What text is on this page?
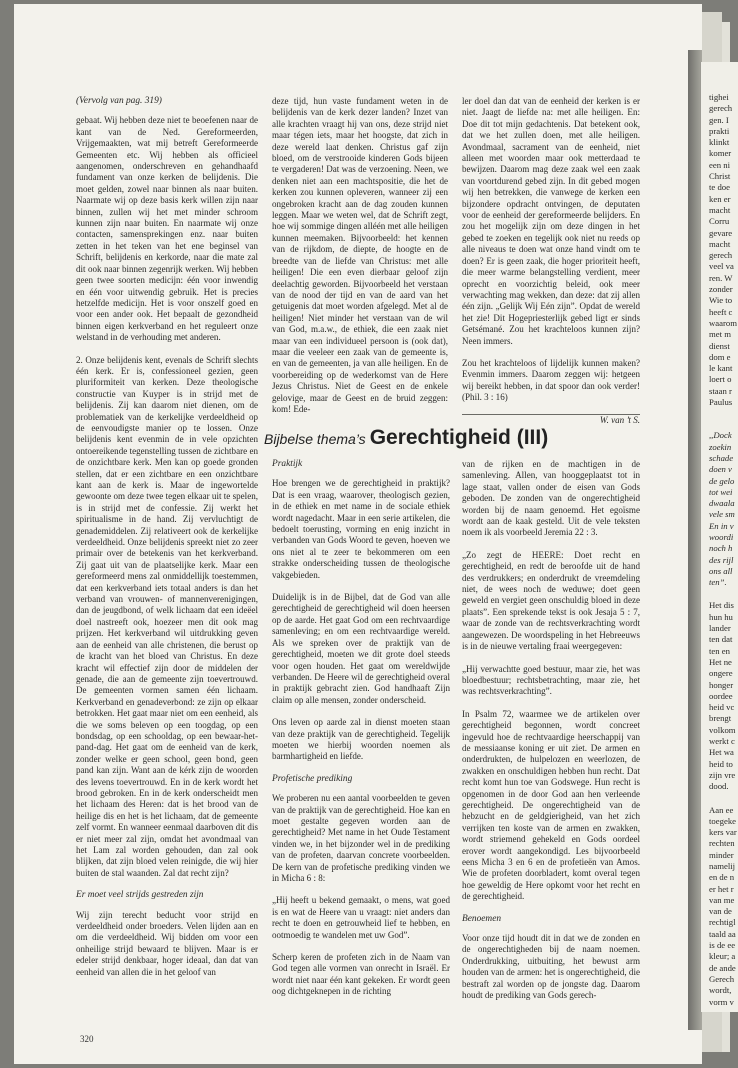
(Vervolg van pag. 319)

gebaat. Wij hebben deze niet te beoefenen naar de kant van de Ned. Gereformeerden, Vrijgemaakten, wat mij betreft Gereformeerde Gemeenten etc. Wij hebben als officieel aangenomen, onderschreven en gehandhaafd fundament van onze kerken de belijdenis. Die moet gelden, zowel naar binnen als naar buiten. Naarmate wij op deze basis kerk willen zijn naar binnen, zullen wij het met minder schroom kunnen zijn naar buiten. En naarmate wij onze contacten, samensprekingen enz. naar buiten zetten in het teken van het ene beginsel van Schrift, belijdenis en kerkorde, naar die mate zal dit ook naar binnen zegenrijk werken. Wij hebben geen twee soorten medicijn: één voor inwendig en één voor uitwendig gebruik. Het is precies hetzelfde medicijn. Het is voor onszelf goed en voor een ander ook. Het bepaalt de gezondheid binnen eigen kerkverband en het reguleert onze welstand in de verhouding met anderen.

2. Onze belijdenis kent, evenals de Schrift slechts één kerk. Er is, confessioneel gezien, geen pluriformiteit van kerken. Deze theologische constructie van Kuyper is in strijd met de belijdenis. Zij kan daarom niet dienen, om de problematiek van de kerkelijke verdeeldheid op de eenvoudigste manier op te lossen. Onze belijdenis kent evenmin de in vele opzichten ontoereikende tegenstelling tussen de zichtbare en de onzichtbare kerk. Men kan op goede gronden stellen, dat er een zichtbare en een onzichtbare kant aan de kerk is. Maar de ingewortelde gewoonte om deze twee tegen elkaar uit te spelen, is in strijd met de confessie. Zij werkt het spiritualisme in de hand. Zij vervluchtigt de genademiddelen. Zij relativeert ook de kerkelijke verdeeldheid. Onze belijdenis spreekt niet zo zeer primair over de betekenis van het kerkverband. Zij gaat uit van de plaatselijke kerk. Maar een gereformeerd mens zal onmiddellijk toestemmen, dat een kerkverband iets totaal anders is dan het verband van vrouwen- of mannenverenigingen, dan de jeugdbond, of welk lichaam dat een ideëel doel nastreeft ook, hoezeer men dit ook mag prijzen. Het kerkverband wil uitdrukking geven aan de eenheid van alle christenen, die berust op de kracht van het bloed van Christus. En deze kracht wil effectief zijn door de middelen der genade, die aan de gemeente zijn toevertrouwd. De gemeenten vormen samen één lichaam. Kerkverband en genadeverbond: ze zijn op elkaar betrokken. Het gaat maar niet om een eenheid, als die we soms beleven op een toogdag, op een bondsdag, op een schooldag, op een bewaar-het-pand-dag. Het gaat om de eenheid van de kerk, zonder welke er geen school, geen bond, geen pand kan zijn. Want aan de kérk zijn de woorden des levens toevertrouwd. En in de kerk wordt het brood gebroken. En in de kerk onderscheidt men het lichaam des Heren: dat is het brood van de heilige dis en het is het lichaam, dat de gemeente zelf vormt. En wanneer eenmaal daarboven dit dis er niet meer zal zijn, omdat het avondmaal van het Lam zal worden gehouden, dan zal ook blijken, dat zijn bloed velen reinigde, die wij hier buiten de stal waanden. Zal dat recht zijn?

Er moet veel strijds gestreden zijn

Wij zijn terecht beducht voor strijd en verdeeldheid onder broeders. Velen lijden aan en om die verdeeldheid. Wij bidden om voor een onheilige strijd bewaard te blijven. Maar is er edeler strijd denkbaar, hoger ideaal, dan dat van eenheid van allen die in het geloof van

deze tijd, hun vaste fundament weten in de belijdenis van de kerk dezer landen? Inzet van alle krachten vraagt hij van ons, deze strijd niet maar tégen iets, maar het hoogste, dat zich in deze wereld laat denken. Christus gaf zijn bloed, om de verstrooide kinderen Gods bijeen te vergaderen! Dat was de verzoening. Neen, we denken niet aan een machtspositie, die het de kerken zou kunnen opleveren, wanneer zij een ongebroken kracht aan de dag zouden kunnen leggen. Maar we weten wel, dat de Schrift zegt, hoe wij sommige dingen alléén met alle heiligen kunnen meemaken. Bijvoorbeeld: het kennen van de rijkdom, de diepte, de hoogte en de breedte van de liefde van Christus: met alle heiligen! Die een even dierbaar geloof zijn deelachtig geworden. Bijvoorbeeld het verstaan van de nood der tijd en van de aard van het getuigenis dat moet worden afgelegd. Met al de heiligen! Niet minder het verstaan van de wil van God, m.a.w., de ethiek, die een zaak niet maar van een individueel persoon is (ook dat), maar die veeleer een zaak van de gemeente is, en van de gemeenten, ja van alle heiligen. En de voorbereiding op de wederkomst van de Here Jezus Christus. Niet de Geest en de enkele gelovige, maar de Geest en de bruid zeggen: kom! Ede-

ler doel dan dat van de eenheid der kerken is er niet. Jaagt de liefde na: met alle heiligen. En: Doe dit tot mijn gedachtenis. Dat betekent ook, dat we het zullen doen, met alle heiligen. Avondmaal, sacrament van de eenheid, niet alleen met woorden maar ook metterdaad te bewijzen. Daarom mag deze zaak wel een zaak van voortdurend gebed zijn. In dit gebed mogen wij hen betrekken, die vanwege de kerken een bijzondere opdracht ontvingen, de deputaten voor de eenheid der gereformeerde belijders. En zou het mogelijk zijn om deze dingen in het gebed te zoeken en tegelijk ook niet nu reeds op alle niveaus te doen wat onze hand vindt om te doen? Er is geen zaak, die hoger prioriteit heeft, die meer warme belangstelling verdient, meer oprecht en voorzichtig beleid, ook meer verwachting mag wekken, dan deze: dat zij allen één zijn. „Gelijk Wij Eén zijn”. Opdat de wereld het zie! Dit Hogepriesterlijk gebed ligt er sinds Getsémané. Zou het krachteloos kunnen zijn? Neen immers.

Zou het krachteloos of lijdelijk kunnen maken? Evenmin immers. Daarom zeggen wij: hetgeen wij bereikt hebben, in dat spoor dan ook verder! (Phil. 3 : 16)

W. van ’t S.
Bijbelse thema’s Gerechtigheid (III)
Praktijk

Hoe brengen we de gerechtigheid in praktijk? Dat is een vraag, waarover, theologisch gezien, in de ethiek en met name in de sociale ethiek wordt nagedacht. Maar in een serie artikelen, die bedoelt toerusting, vorming en enig inzicht in verbanden van Gods Woord te geven, hoeven we ons niet al te zeer te bekommeren om een strakke onderscheiding tussen de theologische vakgebieden.

Duidelijk is in de Bijbel, dat de God van alle gerechtigheid de gerechtigheid wil doen heersen op de aarde. Het gaat God om een rechtvaardige samenleving; en om een rechtvaardige wereld. Als we spreken over de praktijk van de gerechtigheid, moeten we dit grote doel steeds voor ogen houden. Het gaat om wereldwijde verbanden. De Heere wil de gerechtigheid overal in praktijk gebracht zien. God handhaaft Zijn claim op alle mensen, zonder onderscheid.

Ons leven op aarde zal in dienst moeten staan van deze praktijk van de gerechtigheid. Tegelijk moeten we hierbij woorden noemen als barmhartigheid en liefde.

Profetische prediking

We proberen nu een aantal voorbeelden te geven van de praktijk van de gerechtigheid. Hoe kan en moet gestalte gegeven worden aan de gerechtigheid? Met name in het Oude Testament vinden we, in het bijzonder wel in de prediking van de profeten, daarvan concrete voorbeelden. De kern van de profetische prediking vinden we in Micha 6 : 8:

„Hij heeft u bekend gemaakt, o mens, wat goed is en wat de Heere van u vraagt: niet anders dan recht te doen en getrouwheid lief te hebben, en ootmoedig te wandelen met uw God”.

Scherp keren de profeten zich in de Naam van God tegen alle vormen van onrecht in Israël. Er wordt niet naar één kant gekeken. Er wordt geen oog dichtgeknepen in de richting

van de rijken en de machtigen in de samenleving. Allen, van hooggeplaatst tot in lage staat, vallen onder de eisen van Gods geboden. De zonden van de ongerechtigheid worden bij de naam genoemd. Het egoïsme wordt aan de kaak gesteld. Uit de vele teksten noem ik als voorbeeld Jeremia 22 : 3.

„Zo zegt de HEERE: Doet recht en gerechtigheid, en redt de beroofde uit de hand des verdrukkers; en onderdrukt de vreemdeling niet, de wees noch de weduwe; doet geen geweld en vergiet geen onschuldig bloed in deze plaats”. Een sprekende tekst is ook Jesaja 5 : 7, waar de zonde van de rechtsverkrachting wordt aangewezen. De woordspeling in het Hebreeuws is in de nieuwe vertaling fraai weergegeven:

„Hij verwachtte goed bestuur, maar zie, het was bloedbestuur; rechtsbetrachting, maar zie, het was rechtsverkrachting”.

In Psalm 72, waarmee we de artikelen over gerechtigheid begonnen, wordt concreet ingevuld hoe de rechtvaardige heerschappij van de messiaanse koning er uit ziet. De armen en onderdrukten, de hulpelozen en weerlozen, de zwakken en onschuldigen hebben hun recht. Dat recht komt hun toe van Godswege. Hun recht is opgenomen in de door God aan hen verleende gerechtigheid. De ongerechtigheid van de hebzucht en de geldgierigheid, van het zich verrijken ten koste van de armen en zwakken, wordt striemend gehekeld en Gods oordeel erover wordt aangekondigd. Les bijvoorbeeld eens Micha 3 en 6 en de profetieën van Amos. Wie de profeten doorbladert, komt overal tegen hoe geweldig de Here opkomt voor het recht en de gerechtigheid.

Benoemen

Voor onze tijd houdt dit in dat we de zonden en de ongerechtigheden bij de naam noemen. Onderdrukking, uitbuiting, het bewust arm houden van de armen: het is ongerechtigheid, die bestraft zal worden op de jongste dag. Daarom houdt de prediking van Gods gerech-

320
tighei
gerech
gen. I
prakti
klinkt
komer
een ni
Christ
te doe
ken er
macht
Corru
gevare
macht
gerech
veel va
ren. W
zonder
Wie to
heeft c
waarom
met m
dienst
dom e
le kant
loert o
staan r
Paulus
,,Dock
zoekin
schade
doen v
de gelo
tot wei
dwaala
vele sm
En in v
woordi
noch h
des rijl
ons all
ten”.
Het dis
hun hu
lander
ten dat
ten en
Het ne
ongere
honger
oordee
heid vc
brengt
volkom
werkt c
Het wa
heid to
zijn vre
dood.
Aan ee
toegeke
kers var
rechten
minder
namelij
en de n
er het r
van me
van de
rechtigl
taald aa
is de ee
kleur; a
de ande
Gerech
wordt,
vorm v
